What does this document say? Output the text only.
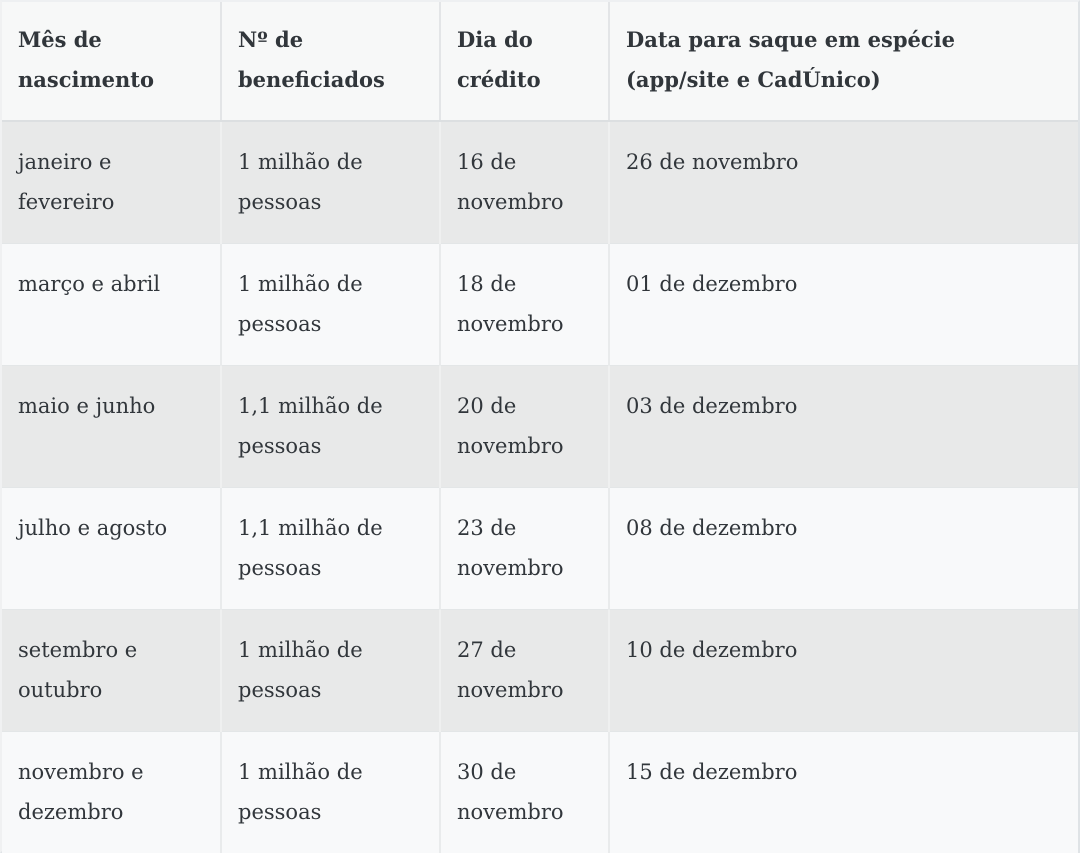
Mês de nascimento	Nº de beneficiados	Dia do crédito	Data para saque em espécie (app/site e CadÚnico)
janeiro e fevereiro	1 milhão de pessoas	16 de novembro	26 de novembro
março e abril	1 milhão de pessoas	18 de novembro	01 de dezembro
maio e junho	1,1 milhão de pessoas	20 de novembro	03 de dezembro
julho e agosto	1,1 milhão de pessoas	23 de novembro	08 de dezembro
setembro e outubro	1 milhão de pessoas	27 de novembro	10 de dezembro
novembro e dezembro	1 milhão de pessoas	30 de novembro	15 de dezembro
